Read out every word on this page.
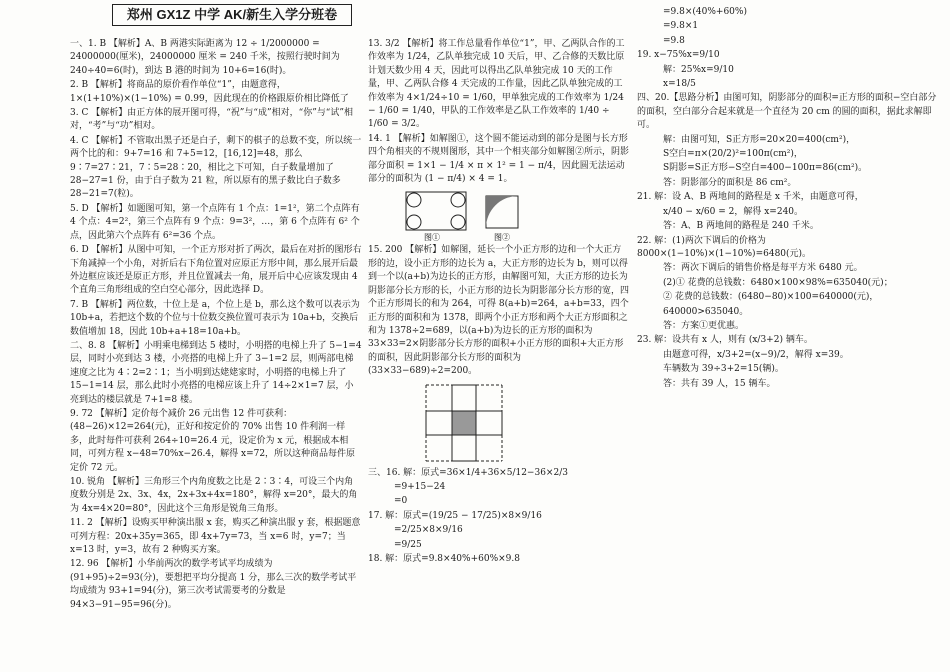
郑州 GX1Z 中学 AK/新生入学分班卷
一、1. B 【解析】A、B 两港实际距离为 12 ÷ 1/2000000 = 24000000(厘米)，24000000 厘米 = 240 千米，按照行驶时间为 240÷40=6(时)，到达 B 港的时间为 10+6=16(时)。
2. B 【解析】将商品的原价看作单位“1”，由题意得，1×(1+10%)×(1−10%) = 0.99，因此现在的价格跟原价相比降低了
3. C 【解析】由正方体的展开图可得，“祝”与“成”相对，“你”与“试”相对，“考”与“功”相对。
4. C 【解析】不管取出黑子还是白子，剩下的棋子的总数不变，所以统一两个比的和：9+7=16 和 7+5=12，[16,12]=48，那么 9∶7=27∶21，7∶5=28∶20，相比之下可知，白子数量增加了 28−27=1 份，由于白子数为 21 粒，所以原有的黑子数比白子数多 28−21=7(粒)。
5. D 【解析】如题图可知，第一个点阵有 1 个点：1=1²，第二个点阵有 4 个点：4=2²，第三个点阵有 9 个点：9=3²，…，第 6 个点阵有 6² 个点，因此第六个点阵有 6²=36 个点。
6. D 【解析】从图中可知，一个正方形对折了两次，最后在对折的图形右下角减掉一个小角，对折后右下角位置对应原正方形中间，那么展开后最外边框应该还是原正方形，并且位置减去一角，展开后中心应该发现由 4 个直角三角形组成的空白空心部分，因此选择 D。
7. B 【解析】两位数，十位上是 a，个位上是 b，那么这个数可以表示为 10b+a，若把这个数的个位与十位数交换位置可表示为 10a+b，交换后数值增加 18，因此 10b+a+18=10a+b。
二、8. 8 【解析】小明乘电梯到达 5 楼时，小明搭的电梯上升了 5−1=4 层，同时小亮到达 3 楼，小亮搭的电梯上升了 3−1=2 层，则两部电梯速度之比为 4∶2=2∶1；当小明到达姥姥家时，小明搭的电梯上升了 15−1=14 层，那么此时小亮搭的电梯应该上升了 14÷2×1=7 层，小亮到达的楼层就是 7+1=8 楼。
9. 72 【解析】定价每个减价 26 元出售 12 件可获利：(48−26)×12=264(元)，正好和按定价的 70% 出售 10 件利润一样多，此时每件可获利 264÷10=26.4 元，设定价为 x 元，根据成本相同，可列方程 x−48=70%x−26.4，解得 x=72，所以这种商品每件原定价 72 元。
10. 锐角 【解析】三角形三个内角度数之比是 2∶3∶4，可设三个内角度数分别是 2x、3x、4x，2x+3x+4x=180°，解得 x=20°，最大的角为 4x=4×20=80°，因此这个三角形是锐角三角形。
11. 2 【解析】设购买甲种演出服 x 套，购买乙种演出服 y 套，根据题意可列方程：20x+35y=365，即 4x+7y=73，当 x=6 时，y=7；当 x=13 时，y=3，故有 2 种购买方案。
12. 96 【解析】小华前两次的数学考试平均成绩为(91+95)÷2=93(分)，要想把平均分提高 1 分，那么三次的数学考试平均成绩为 93+1=94(分)，第三次考试需要考的分数是 94×3−91−95=96(分)。
13. 3/2 【解析】将工作总量看作单位“1”，甲、乙两队合作的工作效率为 1/24，乙队单独完成 10 天后，甲、乙合修的天数比原计划天数少用 4 天，因此可以得出乙队单独完成 10 天的工作量，甲、乙两队合修 4 天完成的工作量，因此乙队单独完成的工作效率为 4×1/24÷10 = 1/60，甲单独完成的工作效率为 1/24 − 1/60 = 1/40，甲队的工作效率是乙队工作效率的 1/40 ÷ 1/60 = 3/2。
14. 1 【解析】如解图①，这个圆不能运动到的部分是图与长方形四个角相夹的不规则图形，其中一个相夹部分如解图②所示，阴影部分面积 = 1×1 − 1/4 × π × 1² = 1 − π/4，因此圆无法运动部分的面积为 (1 − π/4) × 4 = 1。
图①	图②
15. 200 【解析】如解图，延长一个小正方形的边和一个大正方形的边，设小正方形的边长为 a，大正方形的边长为 b，则可以得到一个以(a+b)为边长的正方形，由解图可知，大正方形的边长为阴影部分长方形的长，小正方形的边长为阴影部分长方形的宽，四个正方形周长的和为 264，可得 8(a+b)=264，a+b=33，四个正方形的面积和为 1378，即两个小正方形和两个大正方形面积之和为 1378÷2=689，以(a+b)为边长的正方形的面积为 33×33=2×阴影部分长方形的面积+小正方形的面积+大正方形的面积，因此阴影部分长方形的面积为(33×33−689)÷2=200。
三、16. 解：原式=36×1/4+36×5/12−36×2/3
=9+15−24
=0
17. 解：原式=(19/25 − 17/25)×8×9/16
=2/25×8×9/16
=9/25
18. 解：原式=9.8×40%+60%×9.8
=9.8×(40%+60%)
=9.8×1
=9.8
19. x−75%x=9/10
解：25%x=9/10
x=18/5
四、20.【思路分析】由图可知，阴影部分的面积=正方形的面积−空白部分的面积，空白部分合起来就是一个直径为 20 cm 的圆的面积，据此求解即可。
解：由图可知，S正方形=20×20=400(cm²)，
S空白=π×(20/2)²=100π(cm²)，
S阴影=S正方形−S空白=400−100π=86(cm²)。
答：阴影部分的面积是 86 cm²。
21. 解：设 A、B 两地间的路程是 x 千米，由题意可得，
x/40 − x/60 = 2，解得 x=240。
答：A、B 两地间的路程是 240 千米。
22. 解：(1)两次下调后的价格为 8000×(1−10%)×(1−10%)=6480(元)。
答：两次下调后的销售价格是每平方米 6480 元。
(2)① 花费的总钱数：6480×100×98%=635040(元)；
② 花费的总钱数：(6480−80)×100=640000(元)，
640000>635040。
答：方案①更优惠。
23. 解：设共有 x 人，则有 (x/3+2) 辆车。
由题意可得，x/3+2=(x−9)/2，解得 x=39。
车辆数为 39÷3+2=15(辆)。
答：共有 39 人，15 辆车。
